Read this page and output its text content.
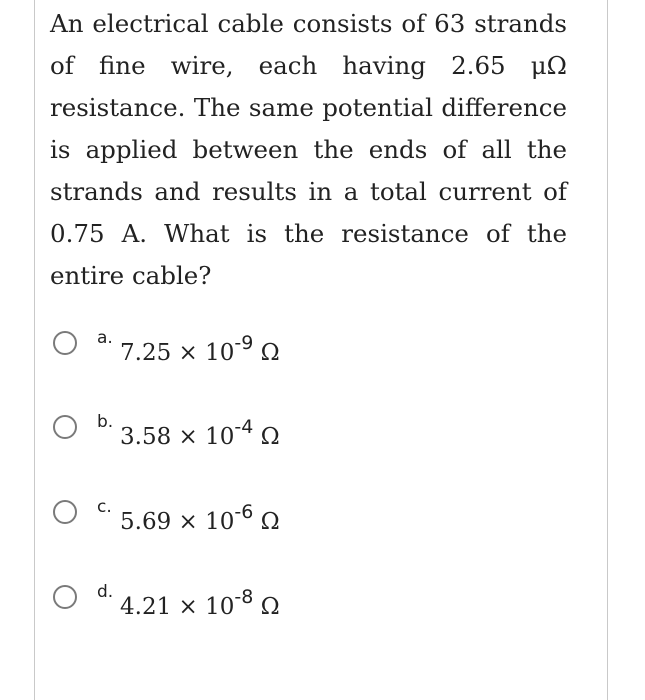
An electrical cable consists of 63 strands of fine wire, each having 2.65 μΩ resistance. The same potential difference is applied between the ends of all the strands and results in a total current of 0.75 A. What is the resistance of the entire cable?

a.
$7.25 \times 10^{-9}$ Ω
b.
$3.58 \times 10^{-4}$ Ω
c.
$5.69 \times 10^{-6}$ Ω
d.
$4.21 \times 10^{-8}$ Ω
